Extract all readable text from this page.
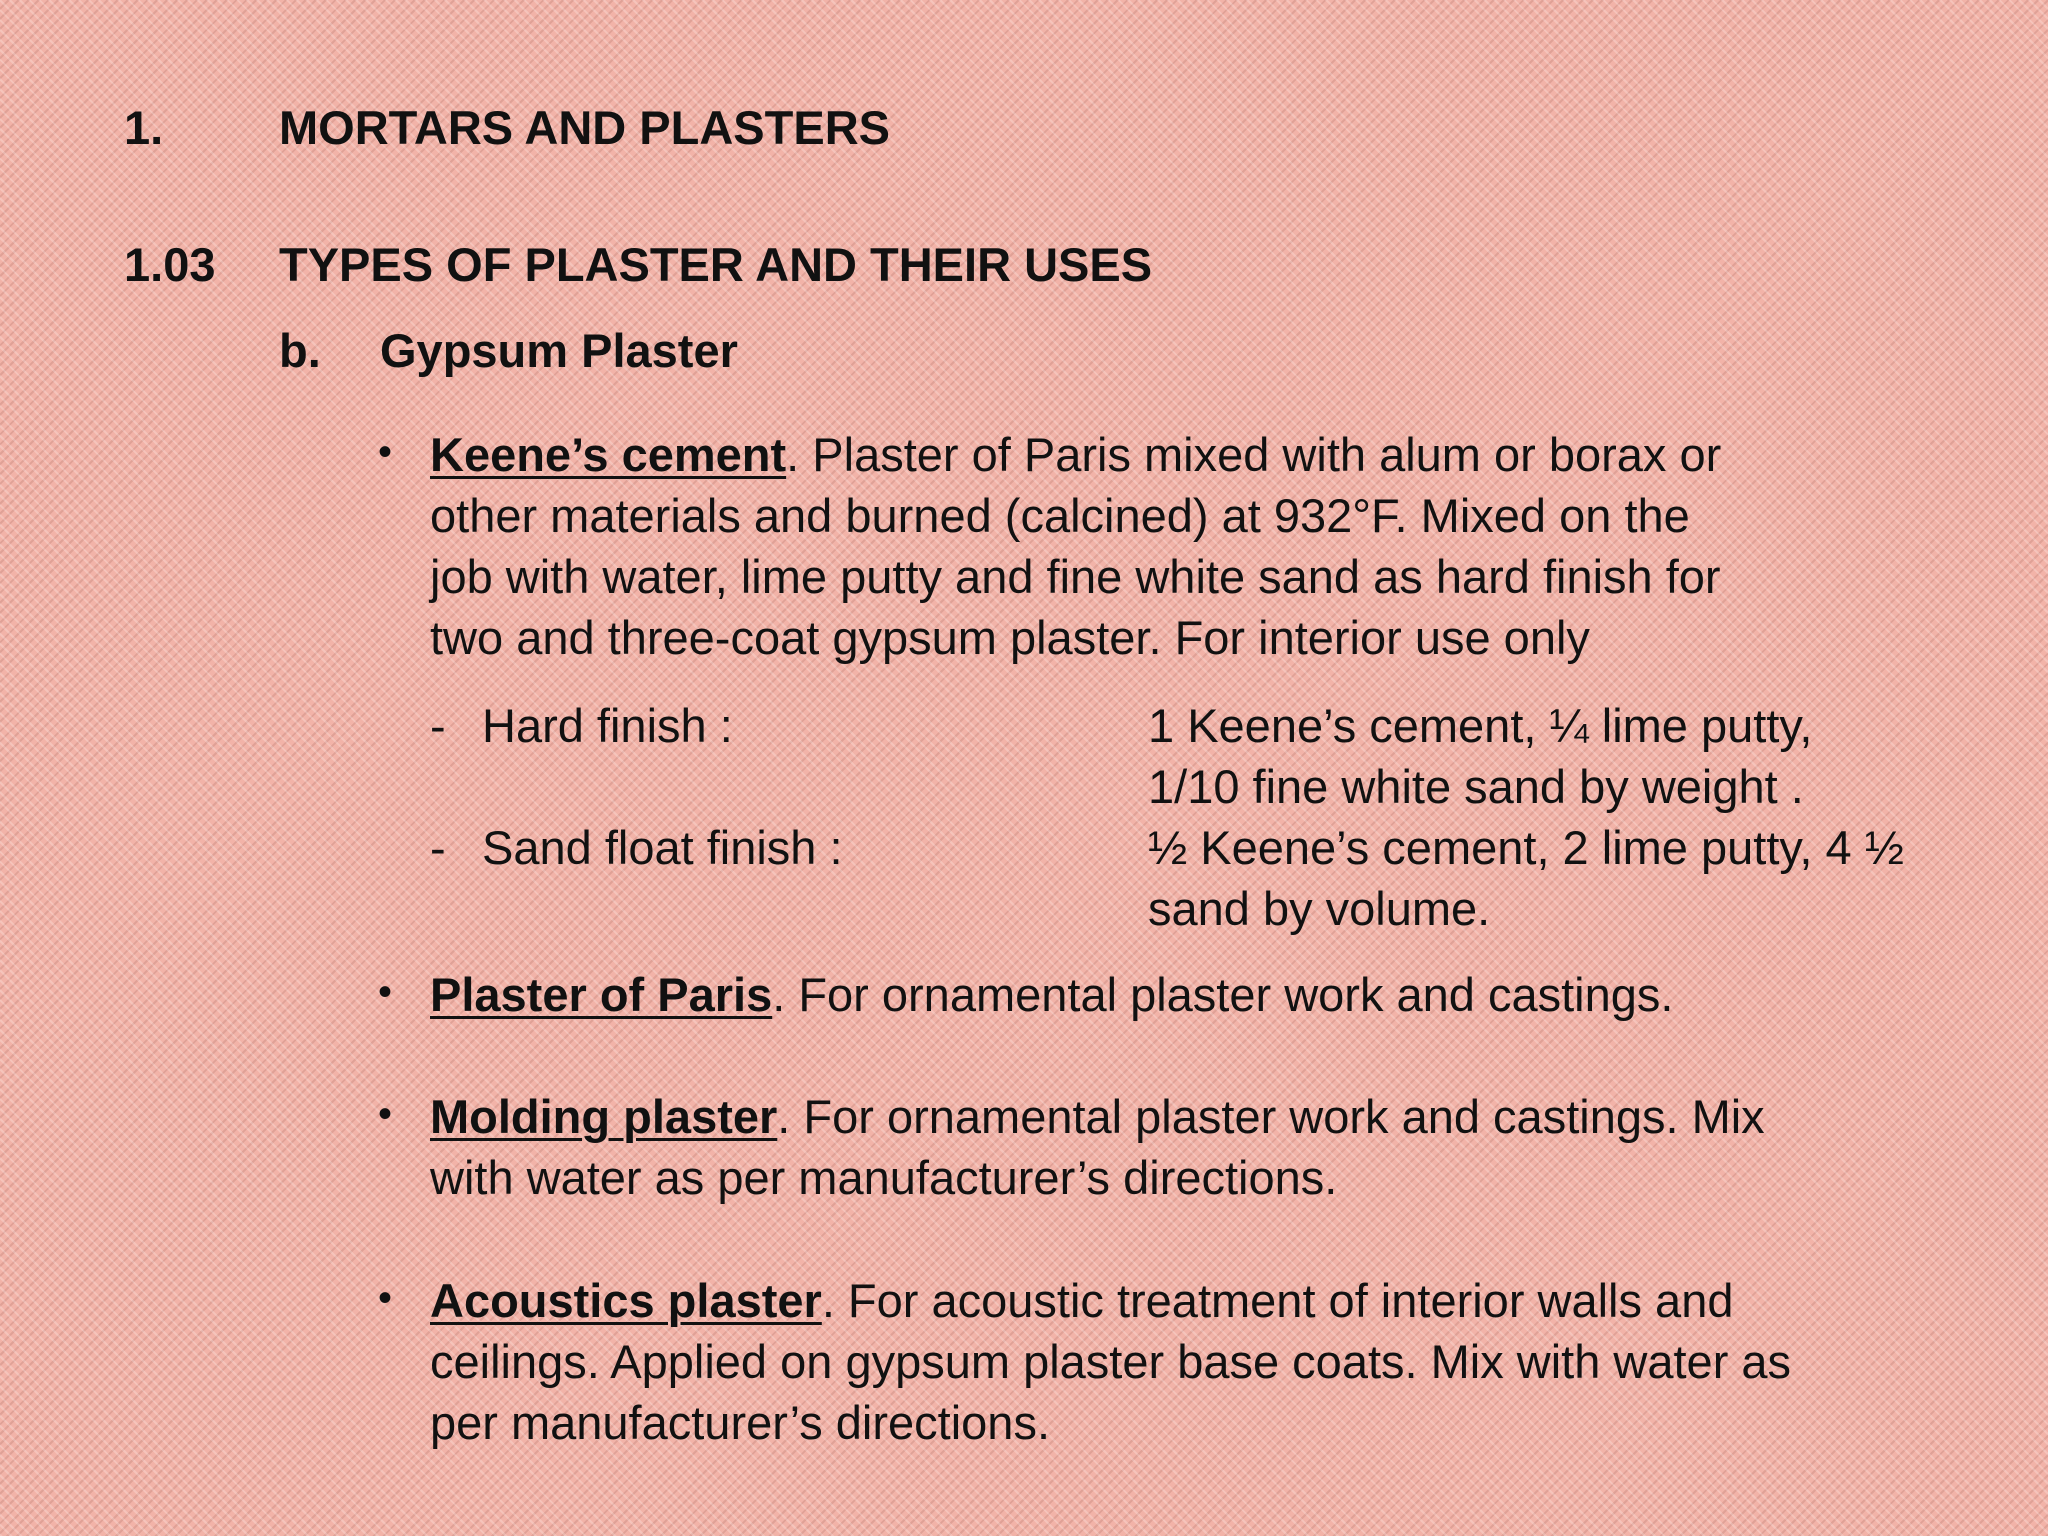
1. MORTARS AND PLASTERS
1.03 TYPES OF PLASTER AND THEIR USES
b. Gypsum Plaster
• Keene’s cement. Plaster of Paris mixed with alum or borax or
other materials and burned (calcined) at 932°F. Mixed on the
job with water, lime putty and fine white sand as hard finish for
two and three-coat gypsum plaster. For interior use only
- Hard finish :	1 Keene’s cement, ¼ lime putty,
1/10 fine white sand by weight .
- Sand float finish :	½ Keene’s cement, 2 lime putty, 4 ½
sand by volume.
• Plaster of Paris. For ornamental plaster work and castings.
• Molding plaster. For ornamental plaster work and castings. Mix
with water as per manufacturer’s directions.
• Acoustics plaster. For acoustic treatment of interior walls and
ceilings. Applied on gypsum plaster base coats. Mix with water as
per manufacturer’s directions.
